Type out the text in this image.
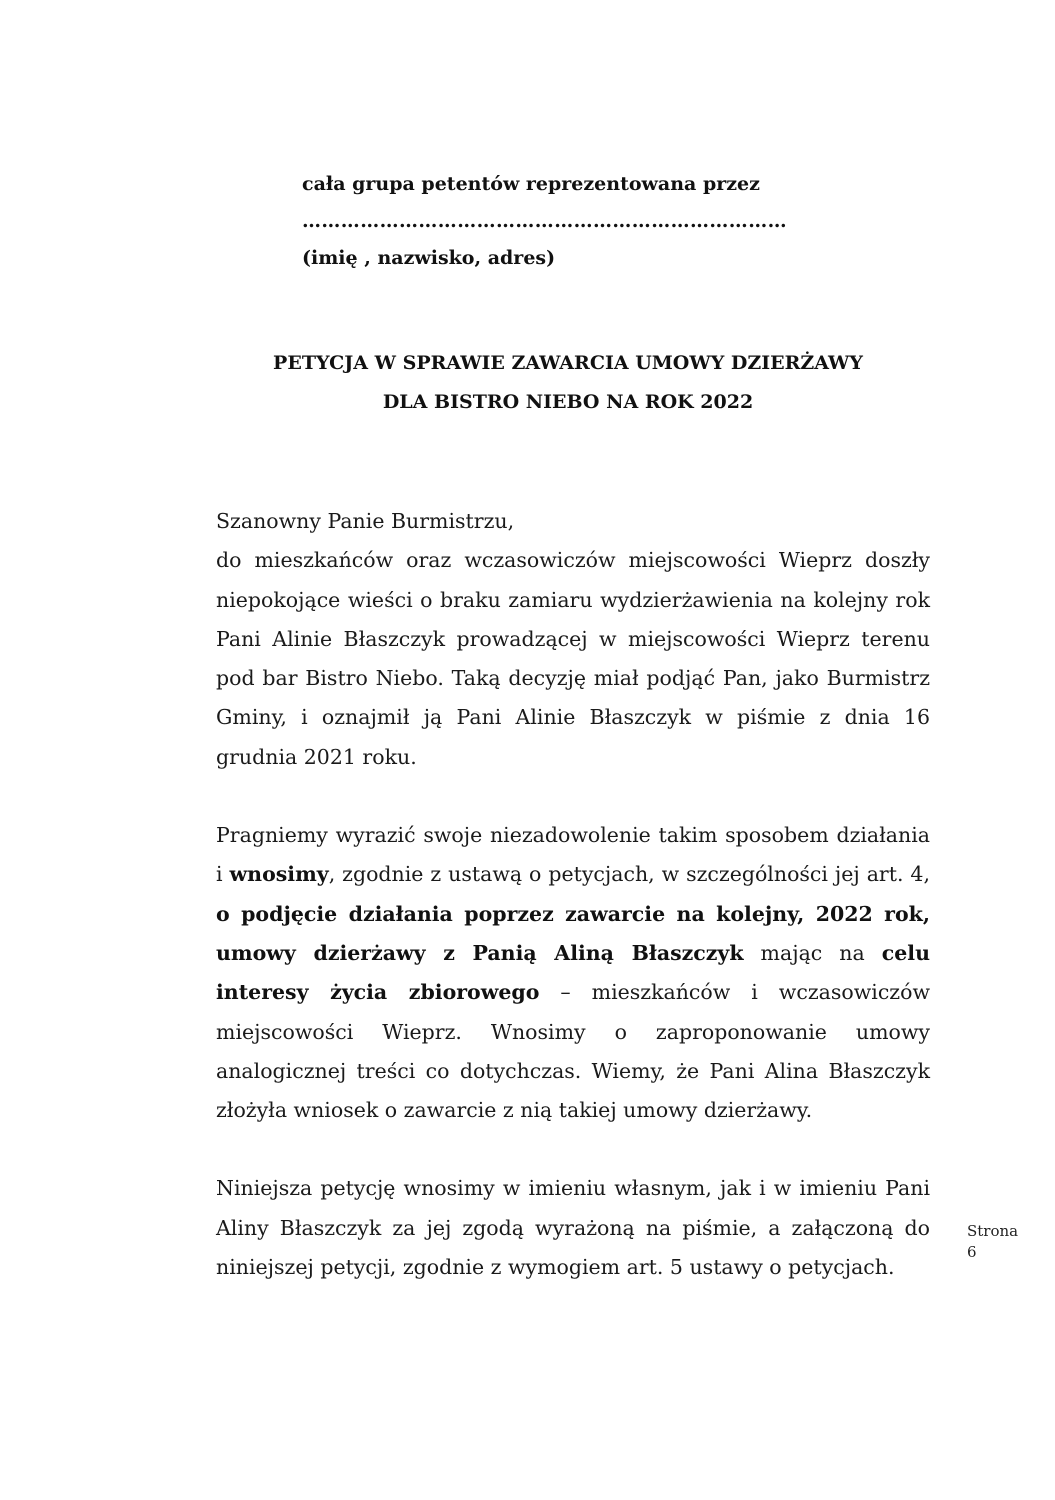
cała grupa petentów reprezentowana przez
…………………………………………………………………
(imię , nazwisko, adres)
PETYCJA W SPRAWIE ZAWARCIA UMOWY DZIERŻAWY
DLA BISTRO NIEBO NA ROK 2022

Szanowny Panie Burmistrzu,
do mieszkańców oraz wczasowiczów miejscowości Wieprz doszły niepokojące wieści o braku zamiaru wydzierżawienia na kolejny rok Pani Alinie Błaszczyk prowadzącej w miejscowości Wieprz terenu pod bar Bistro Niebo. Taką decyzję miał podjąć Pan, jako Burmistrz Gminy, i oznajmił ją Pani Alinie Błaszczyk w piśmie z dnia 16 grudnia 2021 roku.

Pragniemy wyrazić swoje niezadowolenie takim sposobem działania i wnosimy, zgodnie z ustawą o petycjach, w szczególności jej art. 4, o podjęcie działania poprzez zawarcie na kolejny, 2022 rok, umowy dzierżawy z Panią Aliną Błaszczyk mając na celu interesy życia zbiorowego – mieszkańców i wczasowiczów miejscowości Wieprz. Wnosimy o zaproponowanie umowy analogicznej treści co dotychczas. Wiemy, że Pani Alina Błaszczyk złożyła wniosek o zawarcie z nią takiej umowy dzierżawy.

Niniejsza petycję wnosimy w imieniu własnym, jak i w imieniu Pani Aliny Błaszczyk za jej zgodą wyrażoną na piśmie, a załączoną do niniejszej petycji, zgodnie z wymogiem art. 5 ustawy o petycjach.

Strona
6
